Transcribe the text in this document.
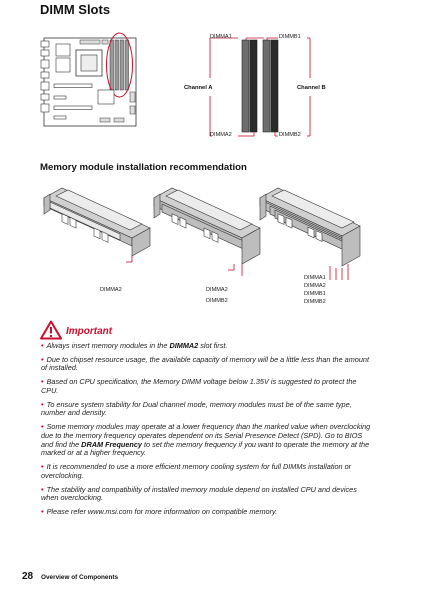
DIMM Slots
DIMMA1	DIMMB1
DIMMA2	DIMMB2
Channel A	Channel B
Memory module installation recommendation
DIMMA2	DIMMA2
DIMMB2
DIMMA1
DIMMA2
DIMMB1
DIMMB2
Important
• Always insert memory modules in the DIMMA2 slot first.
• Due to chipset resource usage, the available capacity of memory will be a little less than the amount of installed.
• Based on CPU specification, the Memory DIMM voltage below 1.35V is suggested to protect the CPU.
• To ensure system stability for Dual channel mode, memory modules must be of the same type, number and density.
• Some memory modules may operate at a lower frequency than the marked value when overclocking due to the memory frequency operates dependent on its Serial Presence Detect (SPD). Go to BIOS and find the DRAM Frequency to set the memory frequency if you want to operate the memory at the marked or at a higher frequency.
• It is recommended to use a more efficient memory cooling system for full DIMMs installation or overclocking.
• The stability and compatibility of installed memory module depend on installed CPU and devices when overclocking.
• Please refer www.msi.com for more information on compatible memory.
28 Overview of Components
